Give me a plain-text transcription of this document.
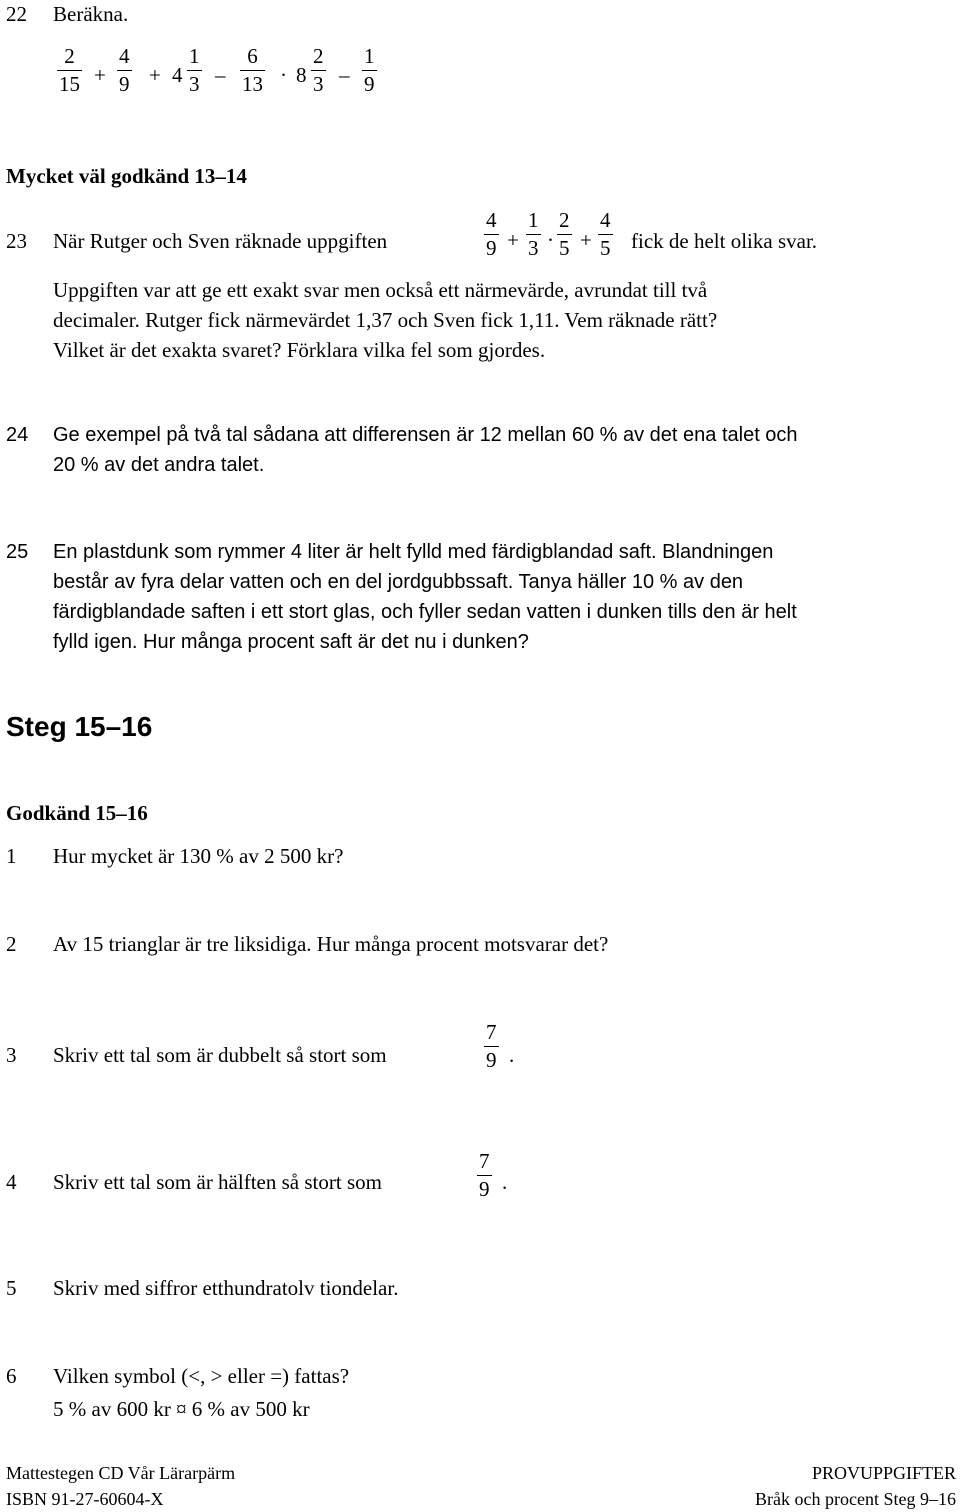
22 Beräkna.
2
15 +
4
9 + 4
1
3 –
6
13 · 8
2
3 –
1
9
Mycket väl godkänd 13–14
23 När Rutger och Sven räknade uppgiften
4
9 +
1
3 ·
2
5 +
4
5 fick de helt olika svar.

Uppgiften var att ge ett exakt svar men också ett närmevärde, avrundat till två

decimaler. Rutger fick närmevärdet 1,37 och Sven fick 1,11. Vem räknade rätt?

Vilket är det exakta svaret? Förklara vilka fel som gjordes.

24 Ge exempel på två tal sådana att differensen är 12 mellan 60 % av det ena talet och

20 % av det andra talet.

25 En plastdunk som rymmer 4 liter är helt fylld med färdigblandad saft. Blandningen

består av fyra delar vatten och en del jordgubbssaft. Tanya häller 10 % av den

färdigblandade saften i ett stort glas, och fyller sedan vatten i dunken tills den är helt

fylld igen. Hur många procent saft är det nu i dunken?

Steg 15–16
Godkänd 15–16
1 Hur mycket är 130 % av 2 500 kr?
2 Av 15 trianglar är tre liksidiga. Hur många procent motsvarar det?
3 Skriv ett tal som är dubbelt så stort som
7
9 .
4 Skriv ett tal som är hälften så stort som
7
9 .
5 Skriv med siffror etthundratolv tiondelar.
6 Vilken symbol (<, > eller =) fattas?
5 % av 600 kr ¤ 6 % av 500 kr
Mattestegen CD Vår Lärarpärm
ISBN 91-27-60604-X
PROVUPPGIFTER
Bråk och procent Steg 9–16
